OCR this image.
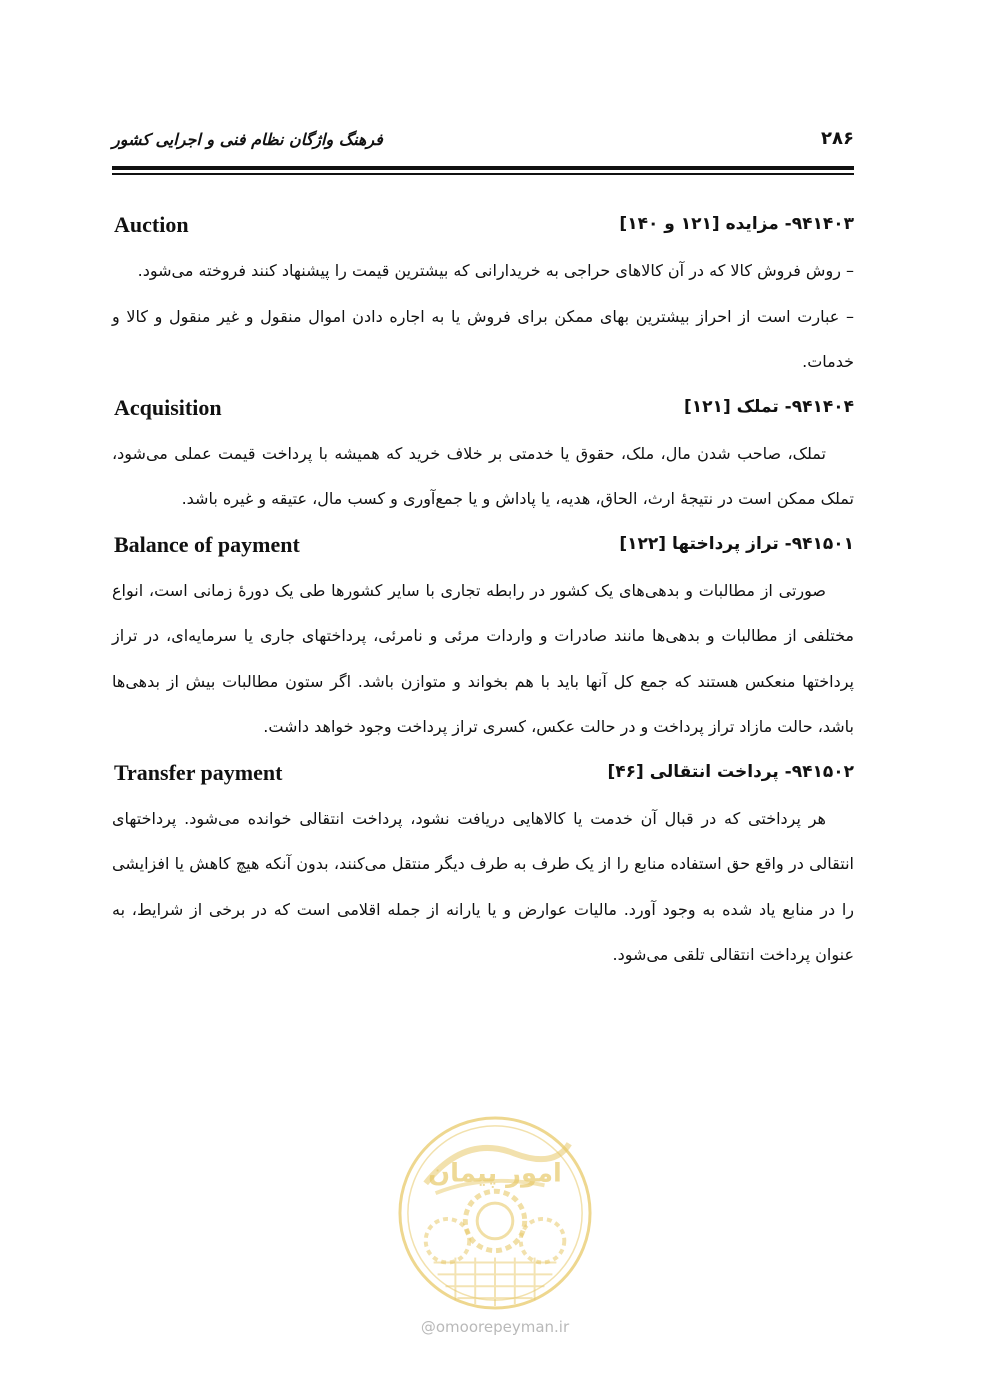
فرهنگ واژگان نظام فنی و اجرایی کشور	۲۸۶
Auction	۹۴۱۴۰۳- مزایده [۱۲۱ و ۱۴۰]

– روش فروش کالا که در آن کالاهای حراجی به خریدارانی که بیشترین قیمت را پیشنهاد کنند فروخته می‌شود.

– عبارت است از احراز بیشترین بهای ممکن برای فروش یا به اجاره دادن اموال منقول و غیر منقول و کالا و خدمات.

Acquisition	۹۴۱۴۰۴- تملک [۱۲۱]

تملک، صاحب شدن مال، ملک، حقوق یا خدمتی بر خلاف خرید که همیشه با پرداخت قیمت عملی می‌شود، تملک ممکن است در نتیجهٔ ارث، الحاق، هدیه، یا پاداش و یا جمع‌آوری و کسب مال، عتیقه و غیره باشد.

Balance of payment	۹۴۱۵۰۱- تراز پرداختها [۱۲۲]

صورتی از مطالبات و بدهی‌های یک کشور در رابطه تجاری با سایر کشورها طی یک دورهٔ زمانی است، انواع مختلفی از مطالبات و بدهی‌ها مانند صادرات و واردات مرئی و نامرئی، پرداختهای جاری یا سرمایه‌ای، در تراز پرداختها منعکس هستند که جمع کل آنها باید با هم بخواند و متوازن باشد. اگر ستون مطالبات بیش از بدهی‌ها باشد، حالت مازاد تراز پرداخت و در حالت عکس، کسری تراز پرداخت وجود خواهد داشت.

Transfer payment	۹۴۱۵۰۲- پرداخت انتقالی [۴۶]

هر پرداختی که در قبال آن خدمت یا کالاهایی دریافت نشود، پرداخت انتقالی خوانده می‌شود. پرداختهای انتقالی در واقع حق استفاده منابع را از یک طرف به طرف دیگر منتقل می‌کنند، بدون آنکه هیچ کاهش یا افزایشی را در منابع یاد شده به وجود آورد. مالیات عوارض و یا یارانه از جمله اقلامی است که در برخی از شرایط، به عنوان پرداخت انتقالی تلقی می‌شود.

امور پیمان
@omoorepeyman.ir
